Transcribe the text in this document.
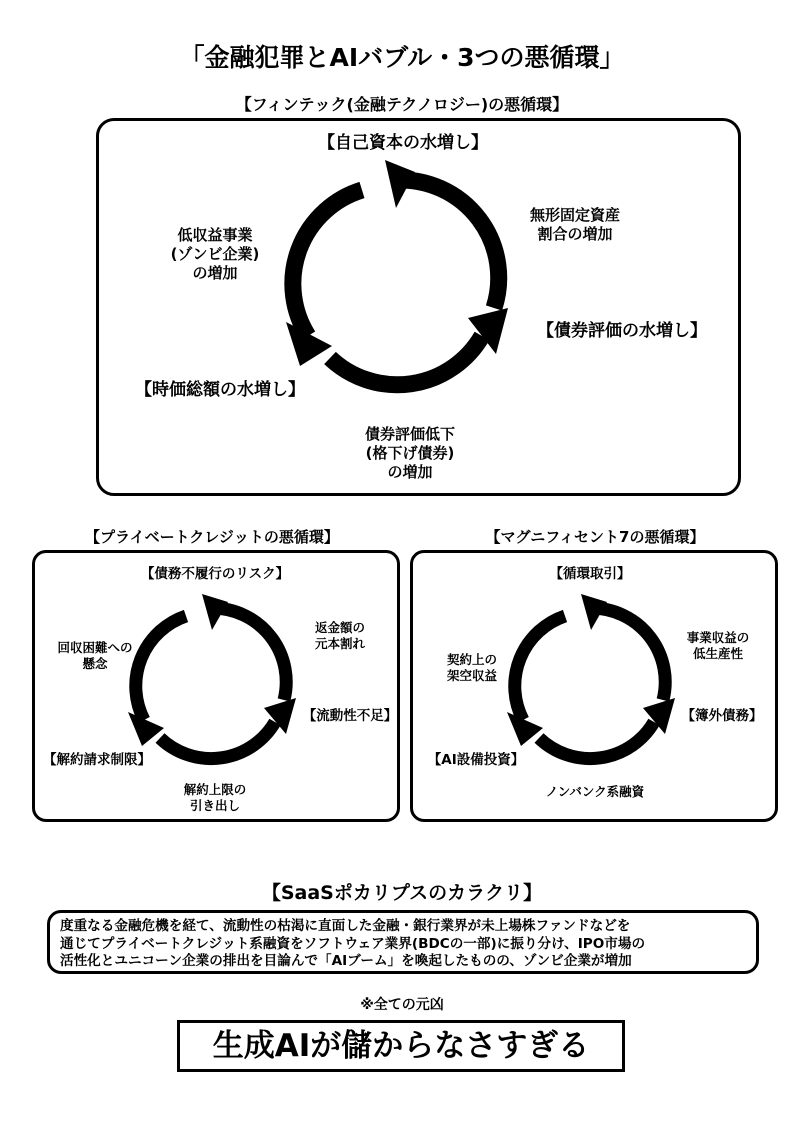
「金融犯罪とAIバブル・3つの悪循環」
【フィンテック(金融テクノロジー)の悪循環】
【自己資本の水増し】
無形固定資産
割合の増加
【債券評価の水増し】
債券評価低下
(格下げ債券)
の増加
【時価総額の水増し】
低収益事業
(ゾンビ企業)
の増加
【プライベートクレジットの悪循環】
【債務不履行のリスク】
返金額の
元本割れ
【流動性不足】
解約上限の
引き出し
【解約請求制限】
回収困難への
懸念
【マグニフィセント7の悪循環】
【循環取引】
事業収益の
低生産性
【簿外債務】
ノンバンク系融資
【AI設備投資】
契約上の
架空収益
【SaaSポカリプスのカラクリ】
度重なる金融危機を経て、流動性の枯渇に直面した金融・銀行業界が未上場株ファンドなどを
通じてプライベートクレジット系融資をソフトウェア業界(BDCの一部)に振り分け、IPO市場の
活性化とユニコーン企業の排出を目論んで「AIブーム」を喚起したものの、ゾンビ企業が増加
※全ての元凶
生成AIが儲からなさすぎる
